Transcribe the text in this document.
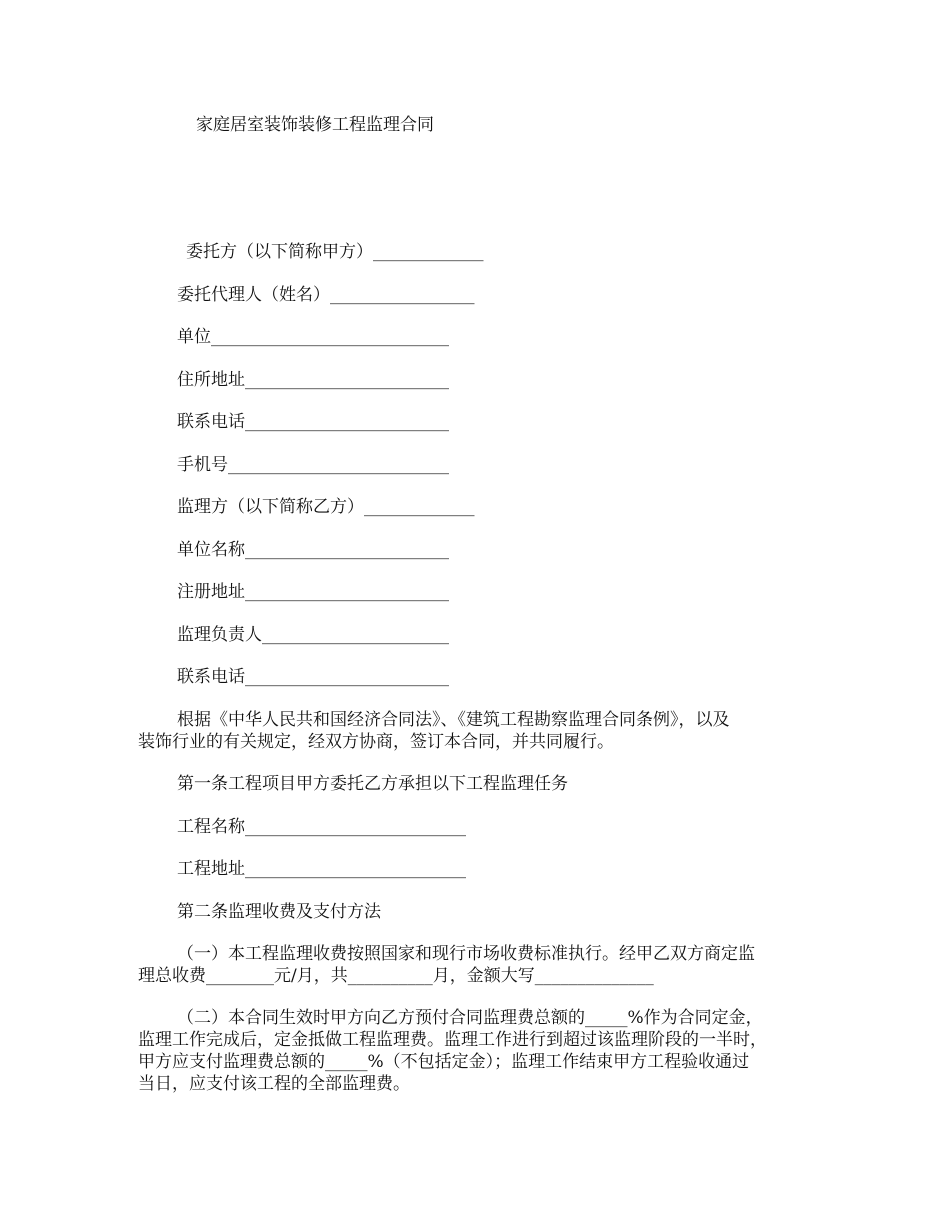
家庭居室装饰装修工程监理合同
委托方（以下简称甲方）_____________
委托代理人（姓名）_________________
单位____________________________
住所地址________________________
联系电话________________________
手机号__________________________
监理方（以下简称乙方）_____________
单位名称________________________
注册地址________________________
监理负责人______________________
联系电话________________________
根据《中华人民共和国经济合同法》、《建筑工程勘察监理合同条例》，以及
装饰行业的有关规定，经双方协商，签订本合同，并共同履行。
第一条工程项目甲方委托乙方承担以下工程监理任务
工程名称__________________________
工程地址__________________________
第二条监理收费及支付方法
（一）本工程监理收费按照国家和现行市场收费标准执行。经甲乙双方商定监
理总收费________元/月，共__________月，金额大写______________
（二）本合同生效时甲方向乙方预付合同监理费总额的_____%作为合同定金，
监理工作完成后，定金抵做工程监理费。监理工作进行到超过该监理阶段的一半时，
甲方应支付监理费总额的_____%（不包括定金）；监理工作结束甲方工程验收通过
当日，应支付该工程的全部监理费。
